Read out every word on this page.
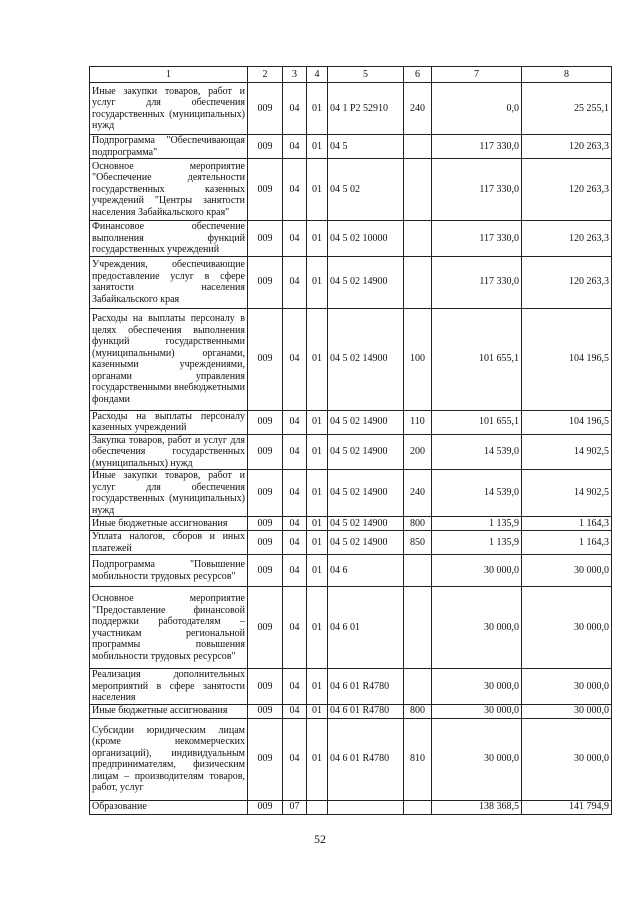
1	2	3	4	5	6	7	8
Иные закупки товаров, работ и услуг для обеспечения государственных (муниципальных) нужд	009	04	01	04 1 P2 52910	240	0,0	25 255,1
Подпрограмма "Обеспечивающая подпрограмма"	009	04	01	04 5		117 330,0	120 263,3
Основное мероприятие "Обеспечение деятельности государственных казенных учреждений "Центры занятости населения Забайкальского края"	009	04	01	04 5 02		117 330,0	120 263,3
Финансовое обеспечение выполнения функций государственных учреждений	009	04	01	04 5 02 10000		117 330,0	120 263,3
Учреждения, обеспечивающие предоставление услуг в сфере занятости населения Забайкальского края	009	04	01	04 5 02 14900		117 330,0	120 263,3
Расходы на выплаты персоналу в целях обеспечения выполнения функций государственными (муниципальными) органами, казенными учреждениями, органами управления государственными внебюджетными фондами	009	04	01	04 5 02 14900	100	101 655,1	104 196,5
Расходы на выплаты персоналу казенных учреждений	009	04	01	04 5 02 14900	110	101 655,1	104 196,5
Закупка товаров, работ и услуг для обеспечения государственных (муниципальных) нужд	009	04	01	04 5 02 14900	200	14 539,0	14 902,5
Иные закупки товаров, работ и услуг для обеспечения государственных (муниципальных) нужд	009	04	01	04 5 02 14900	240	14 539,0	14 902,5
Иные бюджетные ассигнования	009	04	01	04 5 02 14900	800	1 135,9	1 164,3
Уплата налогов, сборов и иных платежей	009	04	01	04 5 02 14900	850	1 135,9	1 164,3
Подпрограмма "Повышение мобильности трудовых ресурсов"	009	04	01	04 6		30 000,0	30 000,0
Основное мероприятие "Предоставление финансовой поддержки работодателям – участникам региональной программы повышения мобильности трудовых ресурсов"	009	04	01	04 6 01		30 000,0	30 000,0
Реализация дополнительных мероприятий в сфере занятости населения	009	04	01	04 6 01 R4780		30 000,0	30 000,0
Иные бюджетные ассигнования	009	04	01	04 6 01 R4780	800	30 000,0	30 000,0
Субсидии юридическим лицам (кроме некоммерческих организаций), индивидуальным предпринимателям, физическим лицам – производителям товаров, работ, услуг	009	04	01	04 6 01 R4780	810	30 000,0	30 000,0
Образование	009	07				138 368,5	141 794,9
52
